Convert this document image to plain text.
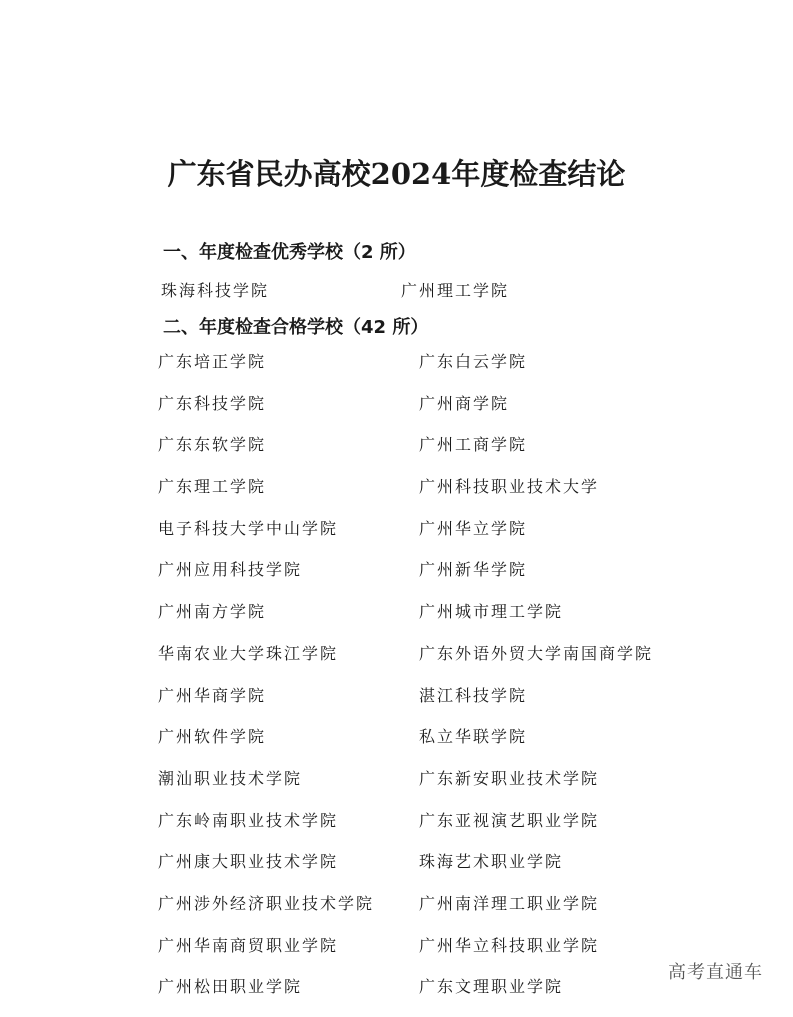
广东省民办高校2024年度检查结论
一、年度检查优秀学校（2 所）
珠海科技学院	广州理工学院
二、年度检查合格学校（42 所）
广东培正学院	广东白云学院
广东科技学院	广州商学院
广东东软学院	广州工商学院
广东理工学院	广州科技职业技术大学
电子科技大学中山学院	广州华立学院
广州应用科技学院	广州新华学院
广州南方学院	广州城市理工学院
华南农业大学珠江学院	广东外语外贸大学南国商学院
广州华商学院	湛江科技学院
广州软件学院	私立华联学院
潮汕职业技术学院	广东新安职业技术学院
广东岭南职业技术学院	广东亚视演艺职业学院
广州康大职业技术学院	珠海艺术职业学院
广州涉外经济职业技术学院	广州南洋理工职业学院
广州华南商贸职业学院	广州华立科技职业学院
广州松田职业学院	广东文理职业学院
高考直通车
